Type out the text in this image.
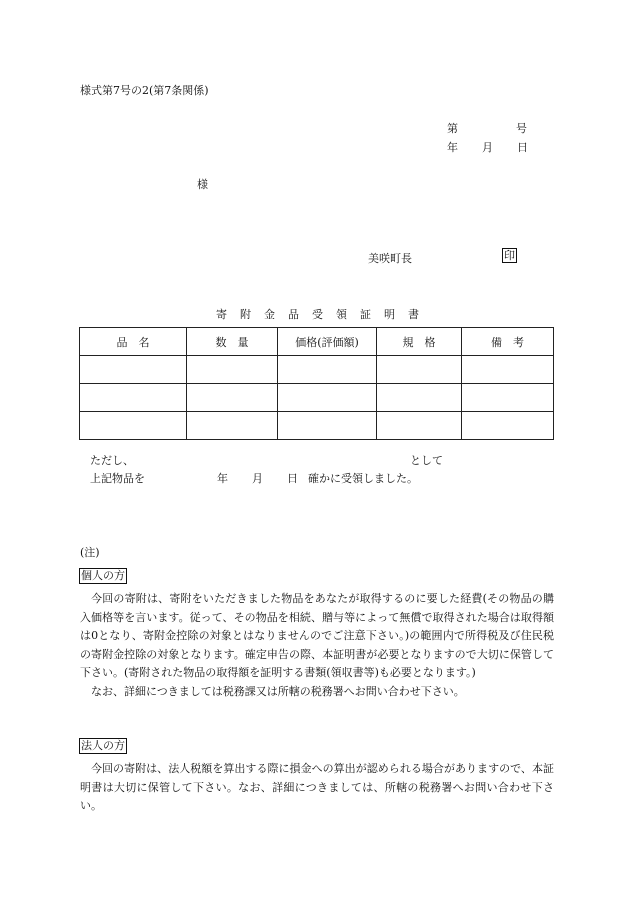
様式第7号の2(第7条関係)
第	号
年 月 日
様
美咲町長	印
寄附金品受領証明書
品　名	数　量	価格(評価額)	規　格	備　考

ただし、	として
上記物品を	年 月 日 確かに受領しました。
(注)
個人の方

今回の寄附は、寄附をいただきました物品をあなたが取得するのに要した経費(その物品の購入価格等を言います。従って、その物品を相続、贈与等によって無償で取得された場合は取得額は0となり、寄附金控除の対象とはなりませんのでご注意下さい。)の範囲内で所得税及び住民税の寄附金控除の対象となります。確定申告の際、本証明書が必要となりますので大切に保管して下さい。(寄附された物品の取得額を証明する書類(領収書等)も必要となります。)

なお、詳細につきましては税務課又は所轄の税務署へお問い合わせ下さい。

法人の方

今回の寄附は、法人税額を算出する際に損金への算出が認められる場合がありますので、本証明書は大切に保管して下さい。なお、詳細につきましては、所轄の税務署へお問い合わせ下さい。
